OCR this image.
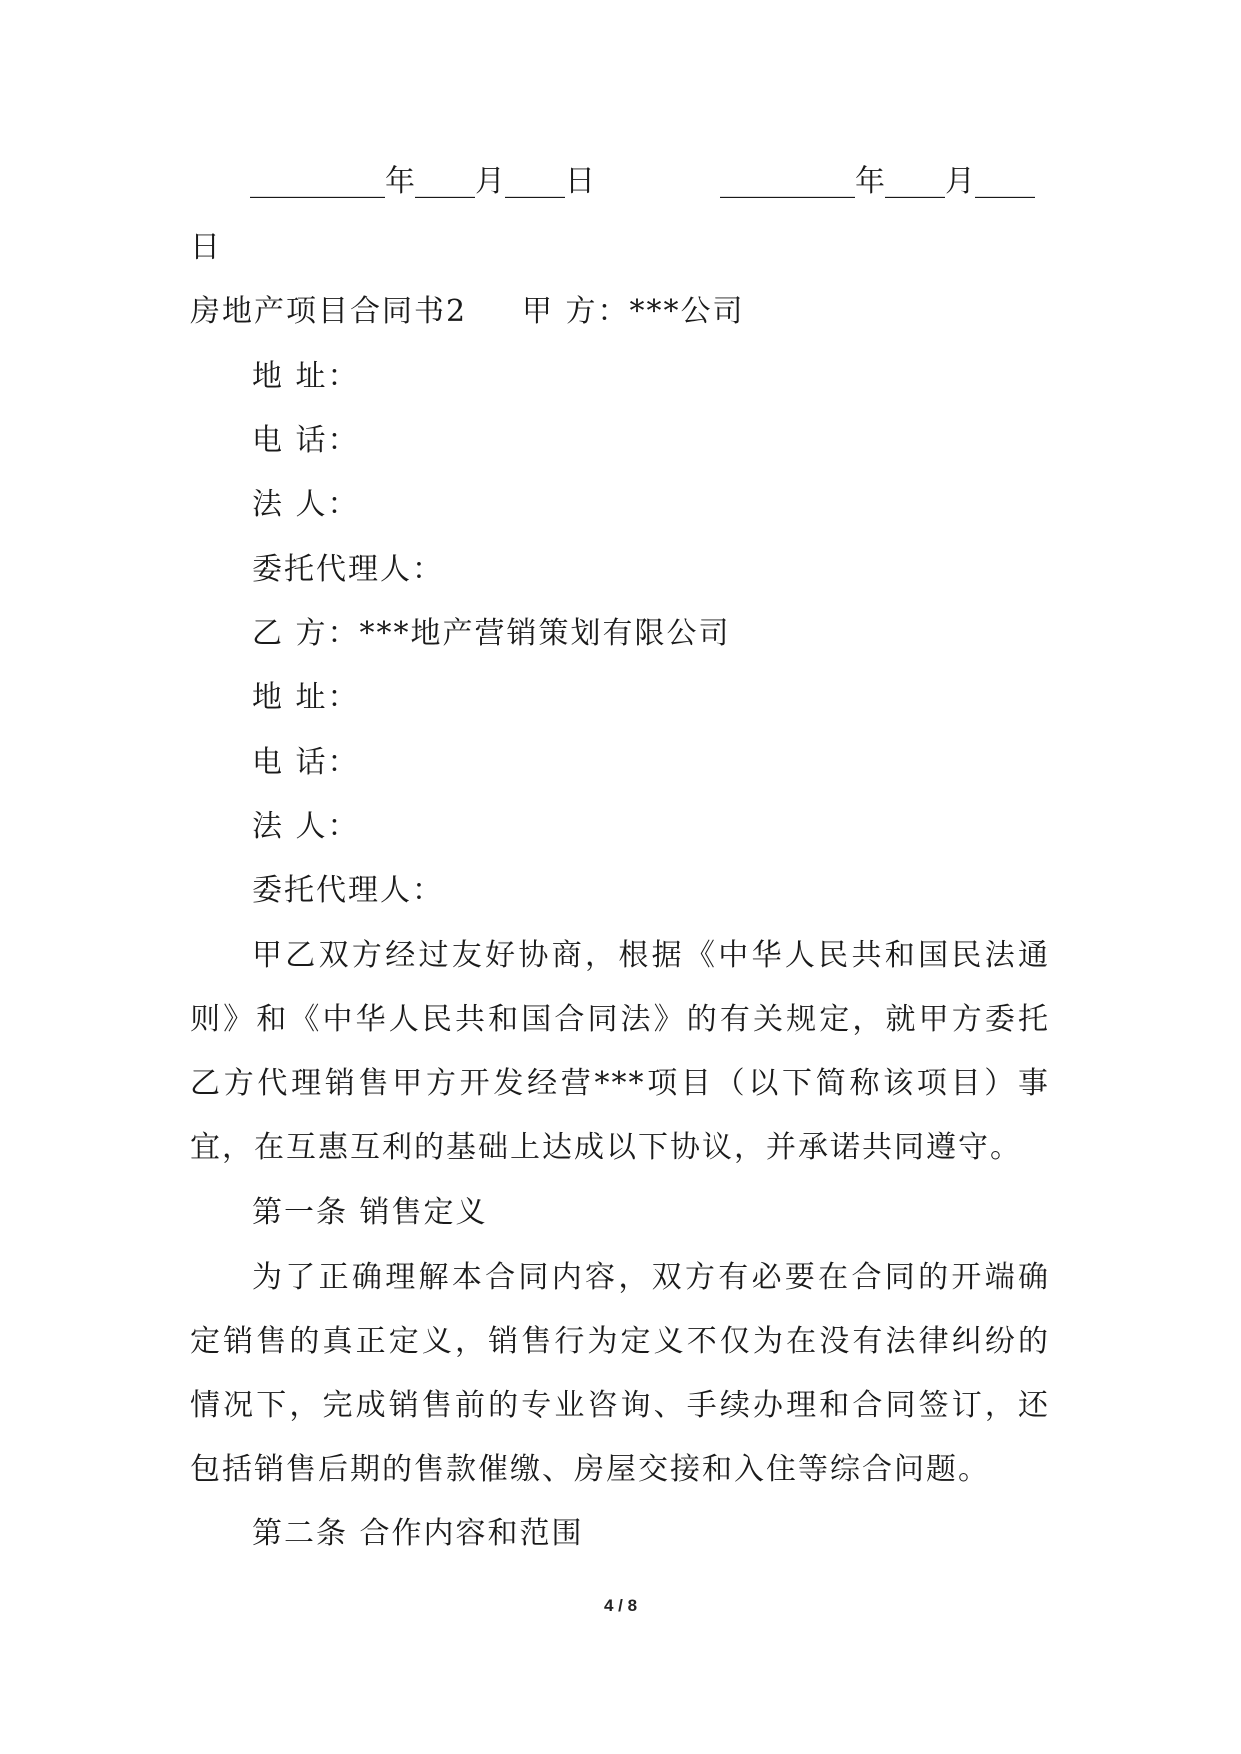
_________年____月____日	_________年____月____
日
房地产项目合同书2 甲 方：***公司
地 址：
电 话：
法 人：
委托代理人：
乙 方：***地产营销策划有限公司
地 址：
电 话：
法 人：
委托代理人：
甲乙双方经过友好协商，根据《中华人民共和国民法通则》和《中华人民共和国合同法》的有关规定，就甲方委托乙方代理销售甲方开发经营***项目（以下简称该项目）事宜，在互惠互利的基础上达成以下协议，并承诺共同遵守。
第一条 销售定义
为了正确理解本合同内容，双方有必要在合同的开端确定销售的真正定义，销售行为定义不仅为在没有法律纠纷的情况下，完成销售前的专业咨询、手续办理和合同签订，还包括销售后期的售款催缴、房屋交接和入住等综合问题。
第二条 合作内容和范围
4 / 8
